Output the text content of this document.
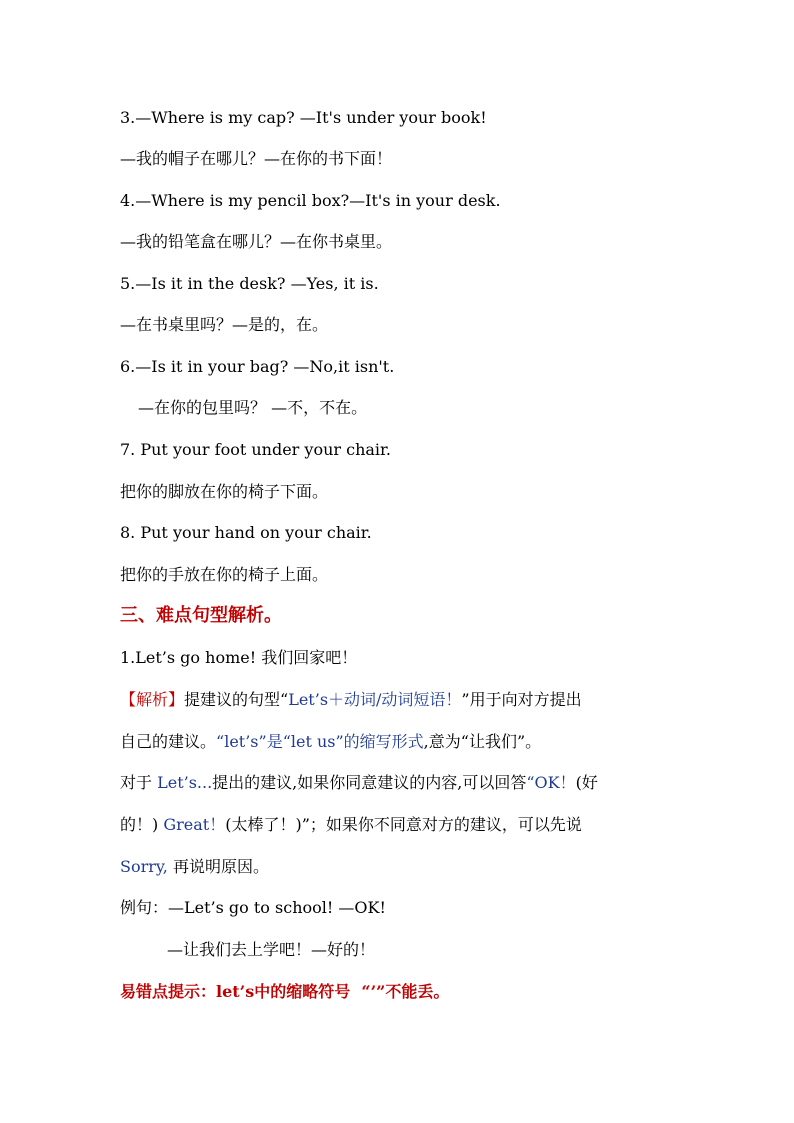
3.—Where is my cap? —It's under your book!
—我的帽子在哪儿？—在你的书下面！
4.—Where is my pencil box?—It's in your desk.
—我的铅笔盒在哪儿？—在你书桌里。
5.—Is it in the desk? —Yes, it is.
—在书桌里吗？—是的，在。
6.—Is it in your bag? —No,it isn't.
—在你的包里吗？ —不，不在。
7. Put your foot under your chair.
把你的脚放在你的椅子下面。
8. Put your hand on your chair.
把你的手放在你的椅子上面。
三、难点句型解析。
1.Let’s go home! 我们回家吧！
【解析】提建议的句型“Let’s＋动词/动词短语！”用于向对方提出
自己的建议。“let’s”是“let us”的缩写形式,意为“让我们”。
对于 Let’s...提出的建议,如果你同意建议的内容,可以回答“OK！(好
的！) Great！(太棒了！)”；如果你不同意对方的建议，可以先说
Sorry, 再说明原因。
例句：—Let’s go to school! —OK!
—让我们去上学吧！—好的！
易错点提示：let’s中的缩略符号 “’”不能丢。
